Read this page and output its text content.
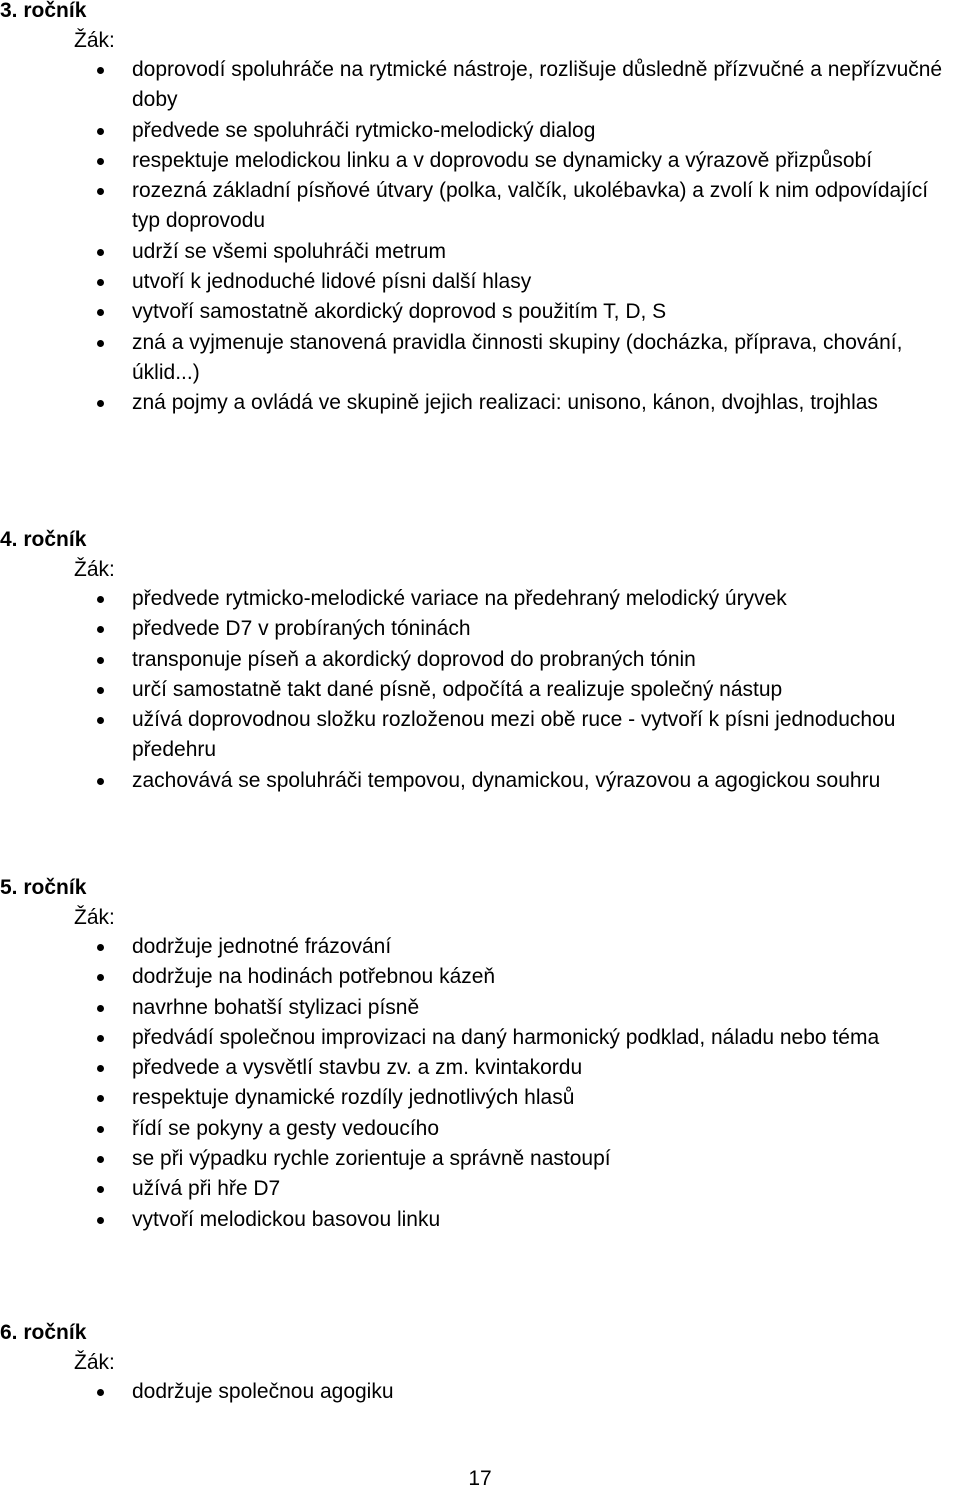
3. ročník
Žák:
doprovodí spoluhráče na rytmické nástroje, rozlišuje důsledně přízvučné a nepřízvučné doby
předvede se spoluhráči rytmicko-melodický dialog
respektuje melodickou linku a v doprovodu se dynamicky a výrazově přizpůsobí
rozezná základní písňové útvary (polka, valčík, ukolébavka) a zvolí k nim odpovídající typ doprovodu
udrží se všemi spoluhráči metrum
utvoří k jednoduché lidové písni další hlasy
vytvoří samostatně akordický doprovod s použitím T, D, S
zná a vyjmenuje stanovená pravidla činnosti skupiny (docházka, příprava, chování, úklid...)
zná pojmy a ovládá ve skupině jejich realizaci: unisono, kánon, dvojhlas, trojhlas
4. ročník
Žák:
předvede rytmicko-melodické variace na předehraný melodický úryvek
předvede D7 v probíraných tóninách
transponuje píseň a akordický doprovod do probraných tónin
určí samostatně takt dané písně, odpočítá a realizuje společný nástup
užívá doprovodnou složku rozloženou mezi obě ruce - vytvoří k písni jednoduchou předehru
zachovává se spoluhráči tempovou, dynamickou, výrazovou a agogickou souhru
5. ročník
Žák:
dodržuje jednotné frázování
dodržuje na hodinách potřebnou kázeň
navrhne bohatší stylizaci písně
předvádí společnou improvizaci na daný harmonický podklad, náladu nebo téma
předvede a vysvětlí stavbu zv. a zm. kvintakordu
respektuje dynamické rozdíly jednotlivých hlasů
řídí se pokyny a gesty vedoucího
se při výpadku rychle zorientuje a správně nastoupí
užívá při hře D7
vytvoří melodickou basovou linku
6. ročník
Žák:
dodržuje společnou agogiku
17
